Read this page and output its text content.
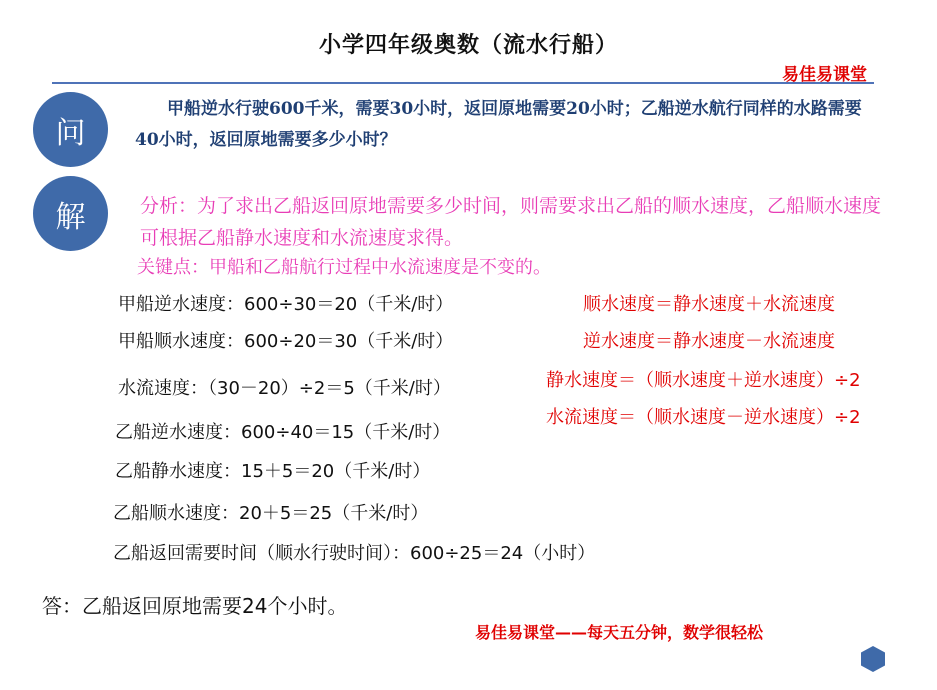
小学四年级奥数（流水行船）
易佳易课堂
问
甲船逆水行驶600千米，需要30小时，返回原地需要20小时；乙船逆水航行同样的水路需要40小时，返回原地需要多少小时？
解	分析：为了求出乙船返回原地需要多少时间，则需要求出乙船的顺水速度，乙船顺水速度可根据乙船静水速度和水流速度求得。
关键点：甲船和乙船航行过程中水流速度是不变的。
甲船逆水速度：600÷30＝20（千米/时）
甲船顺水速度：600÷20＝30（千米/时）
水流速度：（30－20）÷2＝5（千米/时）
乙船逆水速度：600÷40＝15（千米/时）
乙船静水速度：15＋5＝20（千米/时）
乙船顺水速度：20＋5＝25（千米/时）
乙船返回需要时间（顺水行驶时间）：600÷25＝24（小时）
顺水速度＝静水速度＋水流速度
逆水速度＝静水速度－水流速度
静水速度＝（顺水速度＋逆水速度）÷2
水流速度＝（顺水速度－逆水速度）÷2
答：乙船返回原地需要24个小时。
易佳易课堂——每天五分钟，数学很轻松
